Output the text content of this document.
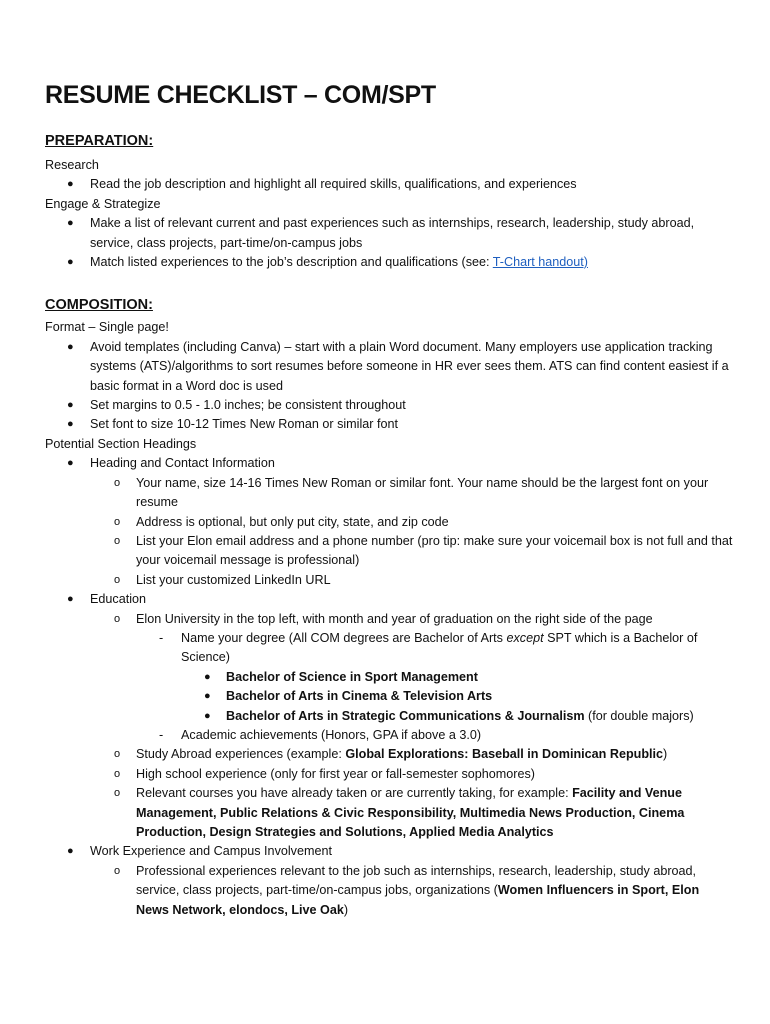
RESUME CHECKLIST – COM/SPT
PREPARATION:

Research

● Read the job description and highlight all required skills, qualifications, and experiences

Engage & Strategize

● Make a list of relevant current and past experiences such as internships, research, leadership, study abroad, service, class projects, part-time/on-campus jobs
● Match listed experiences to the job’s description and qualifications (see: T-Chart handout)
COMPOSITION:

Format – Single page!

● Avoid templates (including Canva) – start with a plain Word document. Many employers use application tracking systems (ATS)/algorithms to sort resumes before someone in HR ever sees them. ATS can find content easiest if a basic format in a Word doc is used
● Set margins to 0.5 - 1.0 inches; be consistent throughout
● Set font to size 10-12 Times New Roman or similar font

Potential Section Headings

● Heading and Contact Information
o Your name, size 14-16 Times New Roman or similar font. Your name should be the largest font on your resume
o Address is optional, but only put city, state, and zip code
o List your Elon email address and a phone number (pro tip: make sure your voicemail box is not full and that your voicemail message is professional)
o List your customized LinkedIn URL
● Education
o Elon University in the top left, with month and year of graduation on the right side of the page
- Name your degree (All COM degrees are Bachelor of Arts except SPT which is a Bachelor of Science)
● Bachelor of Science in Sport Management
● Bachelor of Arts in Cinema & Television Arts
● Bachelor of Arts in Strategic Communications & Journalism (for double majors)
- Academic achievements (Honors, GPA if above a 3.0)
o Study Abroad experiences (example: Global Explorations: Baseball in Dominican Republic)
o High school experience (only for first year or fall-semester sophomores)
o Relevant courses you have already taken or are currently taking, for example: Facility and Venue Management, Public Relations & Civic Responsibility, Multimedia News Production, Cinema Production, Design Strategies and Solutions, Applied Media Analytics
● Work Experience and Campus Involvement
o Professional experiences relevant to the job such as internships, research, leadership, study abroad, service, class projects, part-time/on-campus jobs, organizations (Women Influencers in Sport, Elon News Network, elondocs, Live Oak)
